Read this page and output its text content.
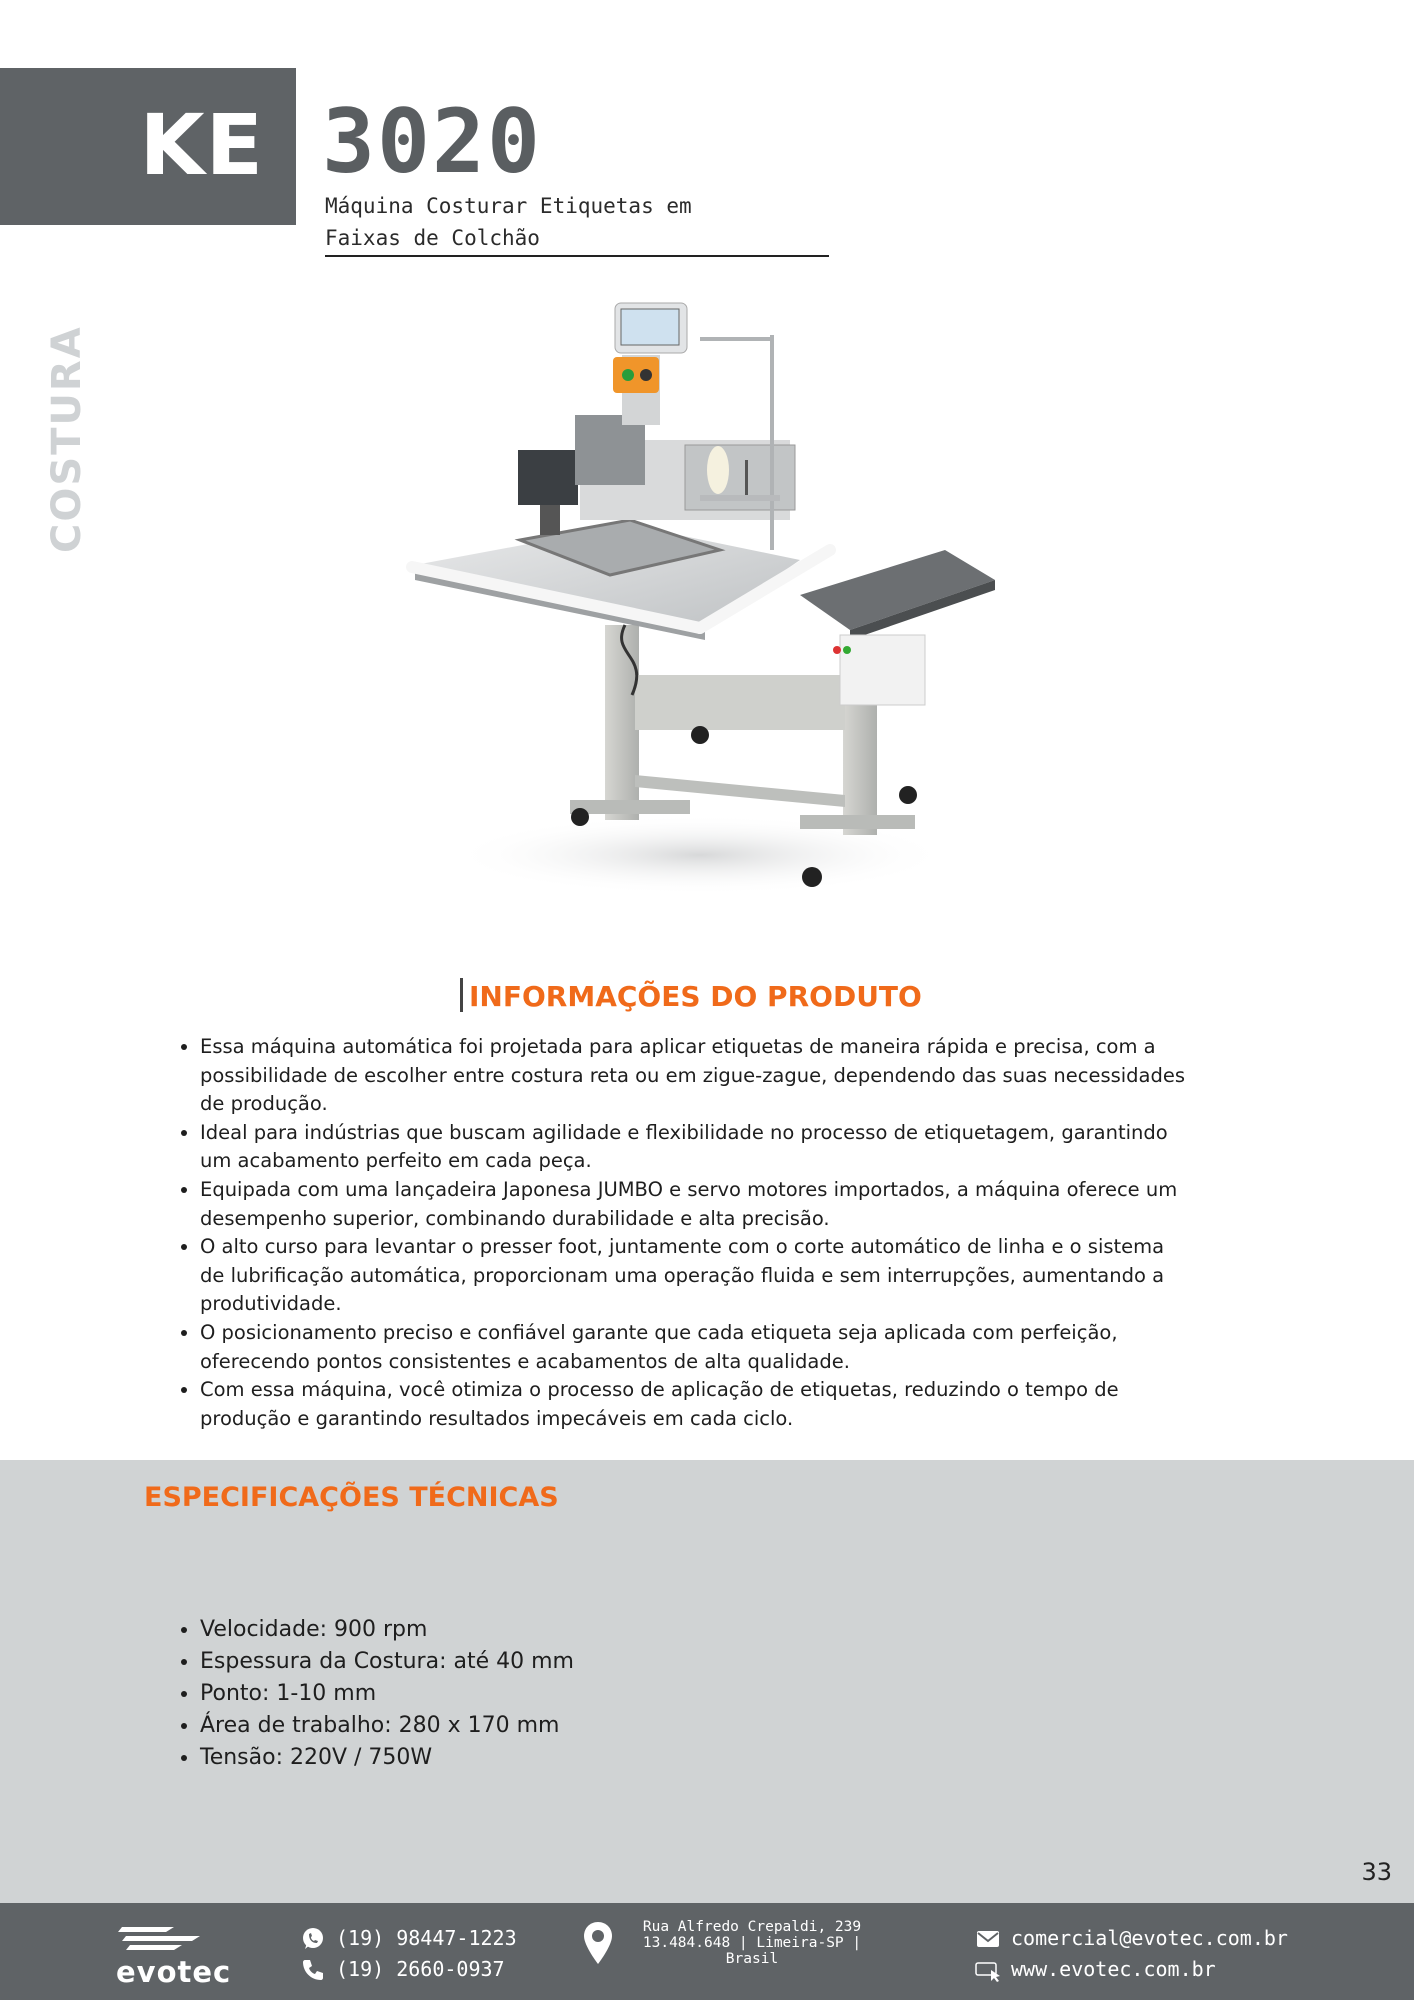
KE 3020
Máquina Costurar Etiquetas em
Faixas de Colchão
COSTURA
INFORMAÇÕES DO PRODUTO
• Essa máquina automática foi projetada para aplicar etiquetas de maneira rápida e precisa, com a possibilidade de escolher entre costura reta ou em zigue-zague, dependendo das suas necessidades de produção.
• Ideal para indústrias que buscam agilidade e flexibilidade no processo de etiquetagem, garantindo um acabamento perfeito em cada peça.
• Equipada com uma lançadeira Japonesa JUMBO e servo motores importados, a máquina oferece um desempenho superior, combinando durabilidade e alta precisão.
• O alto curso para levantar o presser foot, juntamente com o corte automático de linha e o sistema de lubrificação automática, proporcionam uma operação fluida e sem interrupções, aumentando a produtividade.
• O posicionamento preciso e confiável garante que cada etiqueta seja aplicada com perfeição, oferecendo pontos consistentes e acabamentos de alta qualidade.
• Com essa máquina, você otimiza o processo de aplicação de etiquetas, reduzindo o tempo de produção e garantindo resultados impecáveis em cada ciclo.
ESPECIFICAÇÕES TÉCNICAS
• Velocidade: 900 rpm
• Espessura da Costura: até 40 mm
• Ponto: 1-10 mm
• Área de trabalho: 280 x 170 mm
• Tensão: 220V / 750W
33
evotec
(19) 98447-1223
(19) 2660-0937
Rua Alfredo Crepaldi, 239
13.484.648 | Limeira-SP |
Brasil
comercial@evotec.com.br
www.evotec.com.br
